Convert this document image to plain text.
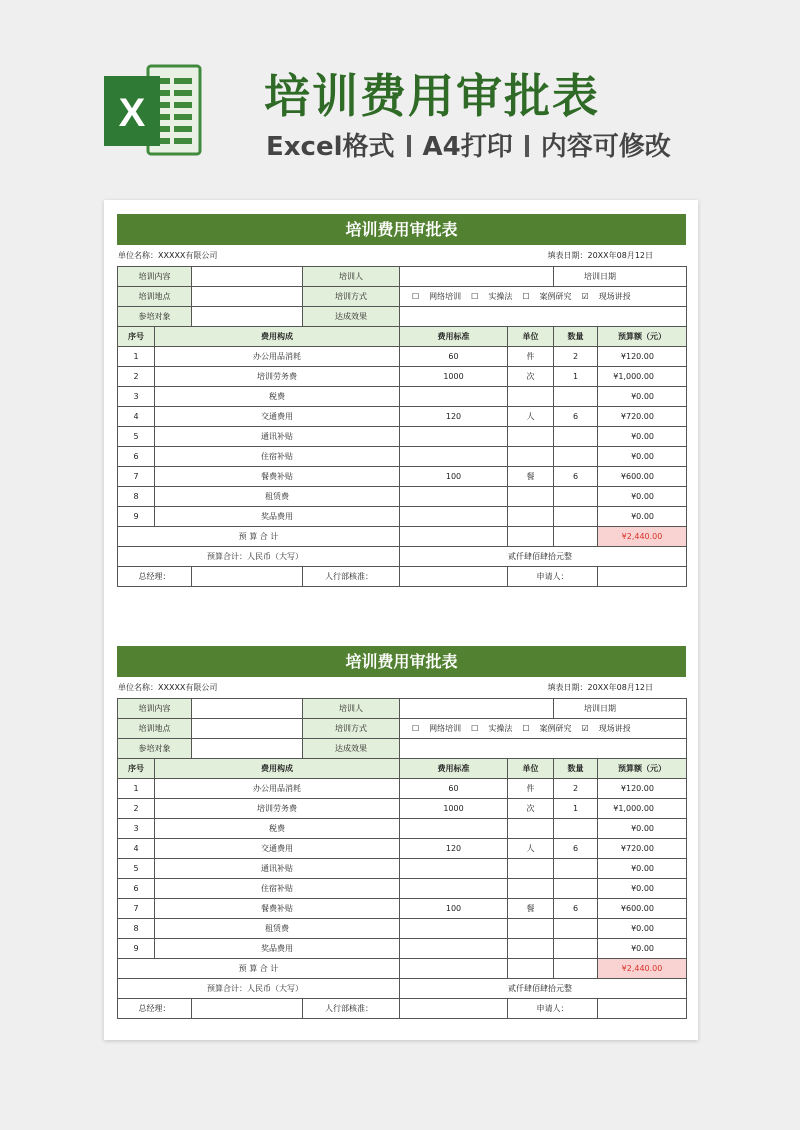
X	培训费用审批表
Excel格式 A4打印 内容可修改
培训费用审批表
单位名称：XXXXX有限公司	填表日期：20XX年08月12日
培训内容			培训人			培训日期	
培训地点			培训方式	☐ 网络培训 ☐ 实操法 ☐ 案例研究 ☑ 现场讲授			
参培对象			达成效果				
序号	费用构成			费用标准	单位	数量	预算额（元）
1	办公用品消耗			60	件	2	¥120.00
2	培训劳务费			1000	次	1	¥1,000.00
3	税费						¥0.00
4	交通费用			120	人	6	¥720.00
5	通讯补贴						¥0.00
6	住宿补贴						¥0.00
7	餐费补贴			100	餐	6	¥600.00
8	租赁费						¥0.00
9	奖品费用						¥0.00
预 算 合 计							¥2,440.00
预算合计：人民币（大写）				贰仟肆佰肆拾元整			
总经理：			人行部核准：		申请人：		
培训费用审批表
单位名称：XXXXX有限公司	填表日期：20XX年08月12日
培训内容			培训人			培训日期	
培训地点			培训方式	☐ 网络培训 ☐ 实操法 ☐ 案例研究 ☑ 现场讲授			
参培对象			达成效果				
序号	费用构成			费用标准	单位	数量	预算额（元）
1	办公用品消耗			60	件	2	¥120.00
2	培训劳务费			1000	次	1	¥1,000.00
3	税费						¥0.00
4	交通费用			120	人	6	¥720.00
5	通讯补贴						¥0.00
6	住宿补贴						¥0.00
7	餐费补贴			100	餐	6	¥600.00
8	租赁费						¥0.00
9	奖品费用						¥0.00
预 算 合 计							¥2,440.00
预算合计：人民币（大写）				贰仟肆佰肆拾元整			
总经理：			人行部核准：		申请人：		
